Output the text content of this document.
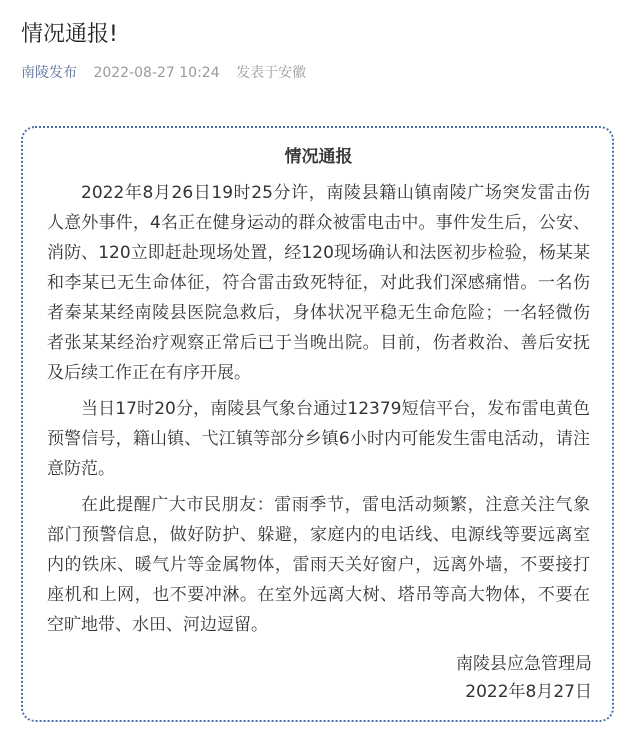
情况通报!
南陵发布 2022-08-27 10:24 发表于安徽
情况通报

2022年8月26日19时25分许，南陵县籍山镇南陵广场突发雷击伤人意外事件，4名正在健身运动的群众被雷电击中。事件发生后，公安、消防、120立即赶赴现场处置，经120现场确认和法医初步检验，杨某某和李某已无生命体征，符合雷击致死特征，对此我们深感痛惜。一名伤者秦某某经南陵县医院急救后，身体状况平稳无生命危险；一名轻微伤者张某某经治疗观察正常后已于当晚出院。目前，伤者救治、善后安抚及后续工作正在有序开展。

当日17时20分，南陵县气象台通过12379短信平台，发布雷电黄色预警信号，籍山镇、弋江镇等部分乡镇6小时内可能发生雷电活动，请注意防范。

在此提醒广大市民朋友：雷雨季节，雷电活动频繁，注意关注气象部门预警信息，做好防护、躲避，家庭内的电话线、电源线等要远离室内的铁床、暖气片等金属物体，雷雨天关好窗户，远离外墙，不要接打座机和上网，也不要冲淋。在室外远离大树、塔吊等高大物体，不要在空旷地带、水田、河边逗留。

南陵县应急管理局
2022年8月27日
